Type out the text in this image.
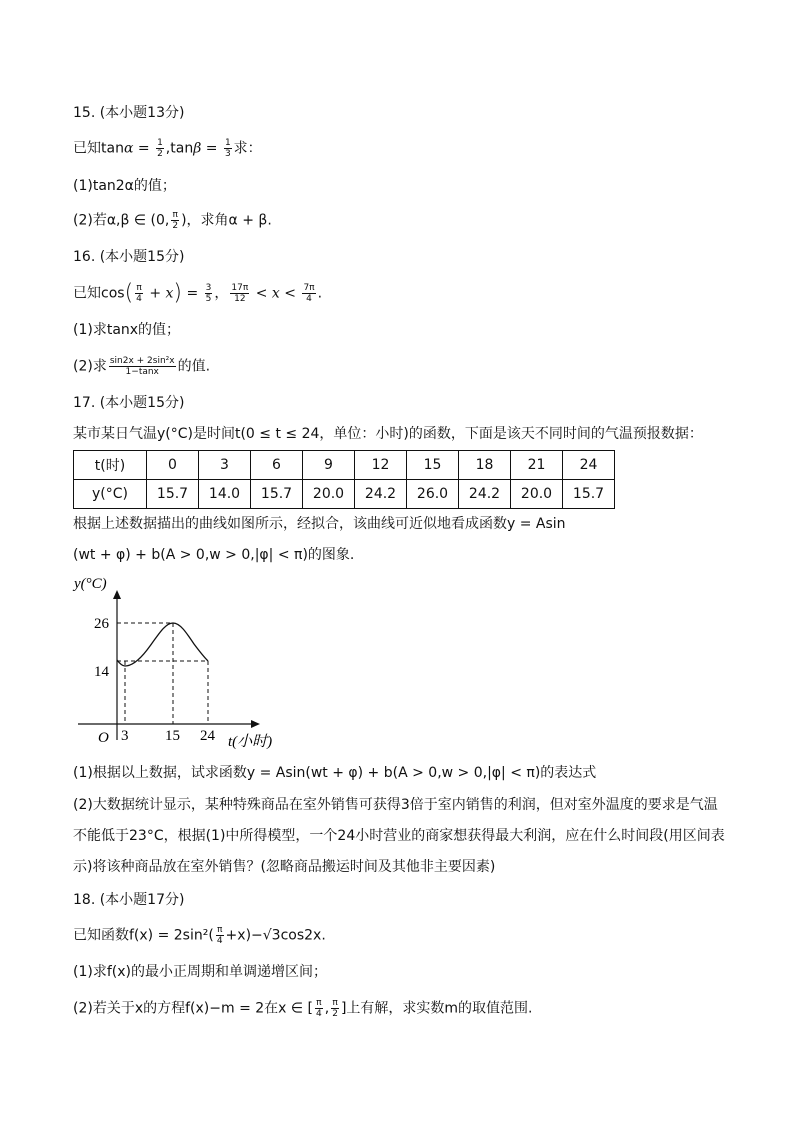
15. (本小题13分)
已知$\tan\alpha = \frac{1}{2} ,\tan\beta = \frac{1}{3}$ 求：
(1)tan2α的值；
(2)若α,β ∈ (0, $\frac{\pi}{2}$ )，求角α + β.
16. (本小题15分)
已知$\cos( \frac{\pi}{4} + x) = \frac{3}{5}$ ， $\frac{17\pi}{12} < x < \frac{7\pi}{4}$ .
(1)求tanx的值；
(2)求 $\frac{\text{sin2x + 2sin²x}}{1-\tan x}$ 的值.
17. (本小题15分)
某市某日气温y(°C)是时间t(0 ≤ t ≤ 24，单位：小时)的函数，下面是该天不同时间的气温预报数据：
t(时)	0	3	6	9	12	15	18	21	24
y(°C)	15.7	14.0	15.7	20.0	24.2	26.0	24.2	20.0	15.7
根据上述数据描出的曲线如图所示，经拟合，该曲线可近似地看成函数y = Asin
(wt + φ) + b(A > 0,w > 0,|φ| < π)的图象.
y(°C)
26
14
O 3 15 24 t(小时)
(1)根据以上数据，试求函数y = Asin(wt + φ) + b(A > 0,w > 0,|φ| < π)的表达式
(2)大数据统计显示，某种特殊商品在室外销售可获得3倍于室内销售的利润，但对室外温度的要求是气温
不能低于23°C，根据(1)中所得模型，一个24小时营业的商家想获得最大利润，应在什么时间段(用区间表
示)将该种商品放在室外销售？(忽略商品搬运时间及其他非主要因素)
18. (本小题17分)
已知函数$f(x) = 2\sin^2( \frac{\pi}{4} +x)-√3\cos 2x$.
(1)求f(x)的最小正周期和单调递增区间；
(2)若关于x的方程f(x)−m = 2在x ∈ [ $\frac{\pi}{4}$ , $\frac{\pi}{2}$ ]上有解，求实数m的取值范围.
